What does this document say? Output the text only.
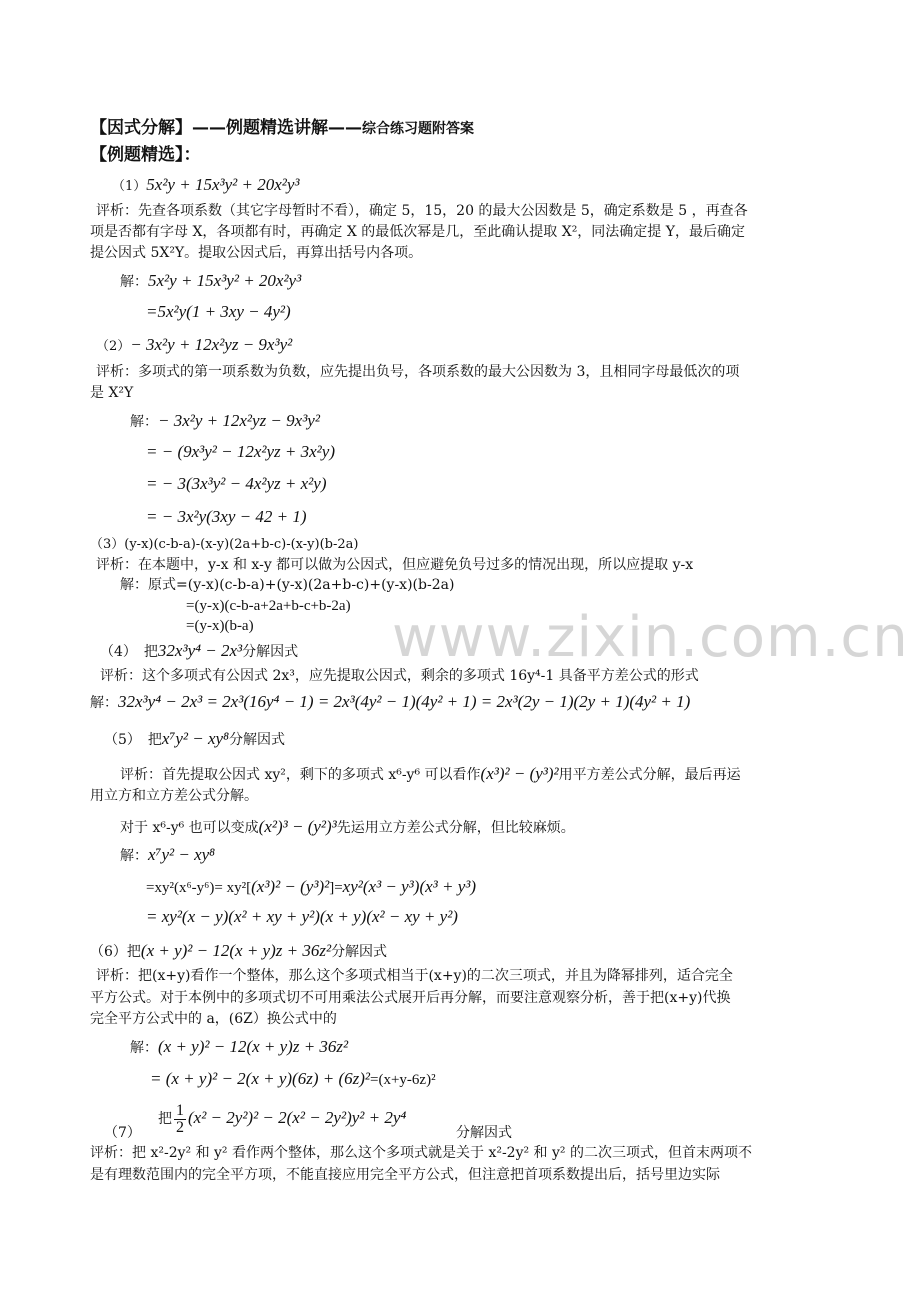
www.zixin.com.cn
【因式分解】——例题精选讲解——综合练习题附答案
【例题精选】：
（1）5x²y + 15x³y² + 20x²y³
评析：先查各项系数（其它字母暂时不看），确定 5，15，20 的最大公因数是 5，确定系数是 5 ，再查各
项是否都有字母 X，各项都有时，再确定 X 的最低次幂是几，至此确认提取 X²，同法确定提 Y，最后确定
提公因式 5X²Y。提取公因式后，再算出括号内各项。
解：5x²y + 15x³y² + 20x²y³
=5x²y(1 + 3xy − 4y²)
（2）− 3x²y + 12x²yz − 9x³y²
评析：多项式的第一项系数为负数，应先提出负号，各项系数的最大公因数为 3，且相同字母最低次的项
是 X²Y
解：− 3x²y + 12x²yz − 9x³y²
= − (9x³y² − 12x²yz + 3x²y)
= − 3(3x³y² − 4x²yz + x²y)
= − 3x²y(3xy − 42 + 1)
（3）(y-x)(c-b-a)-(x-y)(2a+b-c)-(x-y)(b-2a)
评析：在本题中，y-x 和 x-y 都可以做为公因式，但应避免负号过多的情况出现，所以应提取 y-x
解：原式=(y-x)(c-b-a)+(y-x)(2a+b-c)+(y-x)(b-2a)
=(y-x)(c-b-a+2a+b-c+b-2a)
=(y-x)(b-a)
（4）　把32x³y⁴ − 2x³分解因式
评析：这个多项式有公因式 2x³，应先提取公因式，剩余的多项式 16y⁴-1 具备平方差公式的形式
解：32x³y⁴ − 2x³ = 2x³(16y⁴ − 1) = 2x³(4y² − 1)(4y² + 1) = 2x³(2y − 1)(2y + 1)(4y² + 1)
（5）　把x⁷y² − xy⁸分解因式
评析：首先提取公因式 xy²，剩下的多项式 x⁶-y⁶ 可以看作(x³)² − (y³)²用平方差公式分解，最后再运
用立方和立方差公式分解。
对于 x⁶-y⁶ 也可以变成(x²)³ − (y²)³先运用立方差公式分解，但比较麻烦。
解：x⁷y² − xy⁸
=xy²(x⁶-y⁶)= xy²[(x³)² − (y³)²]=xy²(x³ − y³)(x³ + y³)
= xy²(x − y)(x² + xy + y²)(x + y)(x² − xy + y²)
（6）把(x + y)² − 12(x + y)z + 36z²分解因式
评析：把(x+y)看作一个整体，那么这个多项式相当于(x+y)的二次三项式，并且为降幂排列，适合完全
平方公式。对于本例中的多项式切不可用乘法公式展开后再分解，而要注意观察分析，善于把(x+y)代换
完全平方公式中的 a，(6Z）换公式中的
解：(x + y)² − 12(x + y)z + 36z²
= (x + y)² − 2(x + y)(6z) + (6z)²=(x+y-6z)²
（7）
把 $\frac{1}{2} (x^2 - 2y^2)^2 - 2(x^2 - 2y^2)y^2 + 2y^4$
分解因式
评析：把 x²-2y² 和 y² 看作两个整体，那么这个多项式就是关于 x²-2y² 和 y² 的二次三项式，但首末两项不
是有理数范围内的完全平方项，不能直接应用完全平方公式，但注意把首项系数提出后，括号里边实际
